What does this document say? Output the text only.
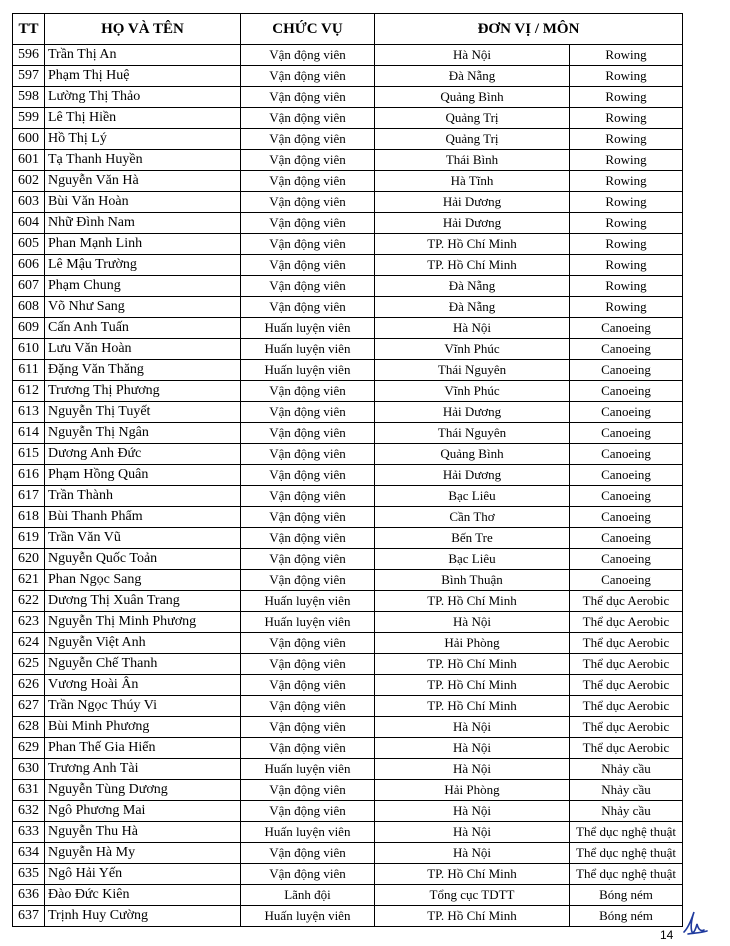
TT	HỌ VÀ TÊN	CHỨC VỤ	ĐƠN VỊ / MÔN	
596	Trần Thị An	Vận động viên	Hà Nội	Rowing
597	Phạm Thị Huệ	Vận động viên	Đà Nẵng	Rowing
598	Lường Thị Thảo	Vận động viên	Quảng Bình	Rowing
599	Lê Thị Hiền	Vận động viên	Quảng Trị	Rowing
600	Hồ Thị Lý	Vận động viên	Quảng Trị	Rowing
601	Tạ Thanh Huyền	Vận động viên	Thái Bình	Rowing
602	Nguyễn Văn Hà	Vận động viên	Hà Tĩnh	Rowing
603	Bùi Văn Hoàn	Vận động viên	Hải Dương	Rowing
604	Nhữ Đình Nam	Vận động viên	Hải Dương	Rowing
605	Phan Mạnh Linh	Vận động viên	TP. Hồ Chí Minh	Rowing
606	Lê Mậu Trường	Vận động viên	TP. Hồ Chí Minh	Rowing
607	Phạm Chung	Vận động viên	Đà Nẵng	Rowing
608	Võ Như Sang	Vận động viên	Đà Nẵng	Rowing
609	Cấn Anh Tuấn	Huấn luyện viên	Hà Nội	Canoeing
610	Lưu Văn Hoàn	Huấn luyện viên	Vĩnh Phúc	Canoeing
611	Đặng Văn Thăng	Huấn luyện viên	Thái Nguyên	Canoeing
612	Trương Thị Phương	Vận động viên	Vĩnh Phúc	Canoeing
613	Nguyễn Thị Tuyết	Vận động viên	Hải Dương	Canoeing
614	Nguyễn Thị Ngân	Vận động viên	Thái Nguyên	Canoeing
615	Dương Anh Đức	Vận động viên	Quảng Bình	Canoeing
616	Phạm Hồng Quân	Vận động viên	Hải Dương	Canoeing
617	Trần Thành	Vận động viên	Bạc Liêu	Canoeing
618	Bùi Thanh Phẩm	Vận động viên	Cần Thơ	Canoeing
619	Trần Văn Vũ	Vận động viên	Bến Tre	Canoeing
620	Nguyễn Quốc Toản	Vận động viên	Bạc Liêu	Canoeing
621	Phan Ngọc Sang	Vận động viên	Bình Thuận	Canoeing
622	Dương Thị Xuân Trang	Huấn luyện viên	TP. Hồ Chí Minh	Thể dục Aerobic
623	Nguyễn Thị Minh Phương	Huấn luyện viên	Hà Nội	Thể dục Aerobic
624	Nguyễn Việt Anh	Vận động viên	Hải Phòng	Thể dục Aerobic
625	Nguyễn Chế Thanh	Vận động viên	TP. Hồ Chí Minh	Thể dục Aerobic
626	Vương Hoài Ân	Vận động viên	TP. Hồ Chí Minh	Thể dục Aerobic
627	Trần Ngọc Thúy Vi	Vận động viên	TP. Hồ Chí Minh	Thể dục Aerobic
628	Bùi Minh Phương	Vận động viên	Hà Nội	Thể dục Aerobic
629	Phan Thế Gia Hiển	Vận động viên	Hà Nội	Thể dục Aerobic
630	Trương Anh Tài	Huấn luyện viên	Hà Nội	Nhảy cầu
631	Nguyễn Tùng Dương	Vận động viên	Hải Phòng	Nhảy cầu
632	Ngô Phương Mai	Vận động viên	Hà Nội	Nhảy cầu
633	Nguyễn Thu Hà	Huấn luyện viên	Hà Nội	Thể dục nghệ thuật
634	Nguyễn Hà My	Vận động viên	Hà Nội	Thể dục nghệ thuật
635	Ngô Hải Yến	Vận động viên	TP. Hồ Chí Minh	Thể dục nghệ thuật
636	Đào Đức Kiên	Lãnh đội	Tổng cục TDTT	Bóng ném
637	Trịnh Huy Cường	Huấn luyện viên	TP. Hồ Chí Minh	Bóng ném
14
